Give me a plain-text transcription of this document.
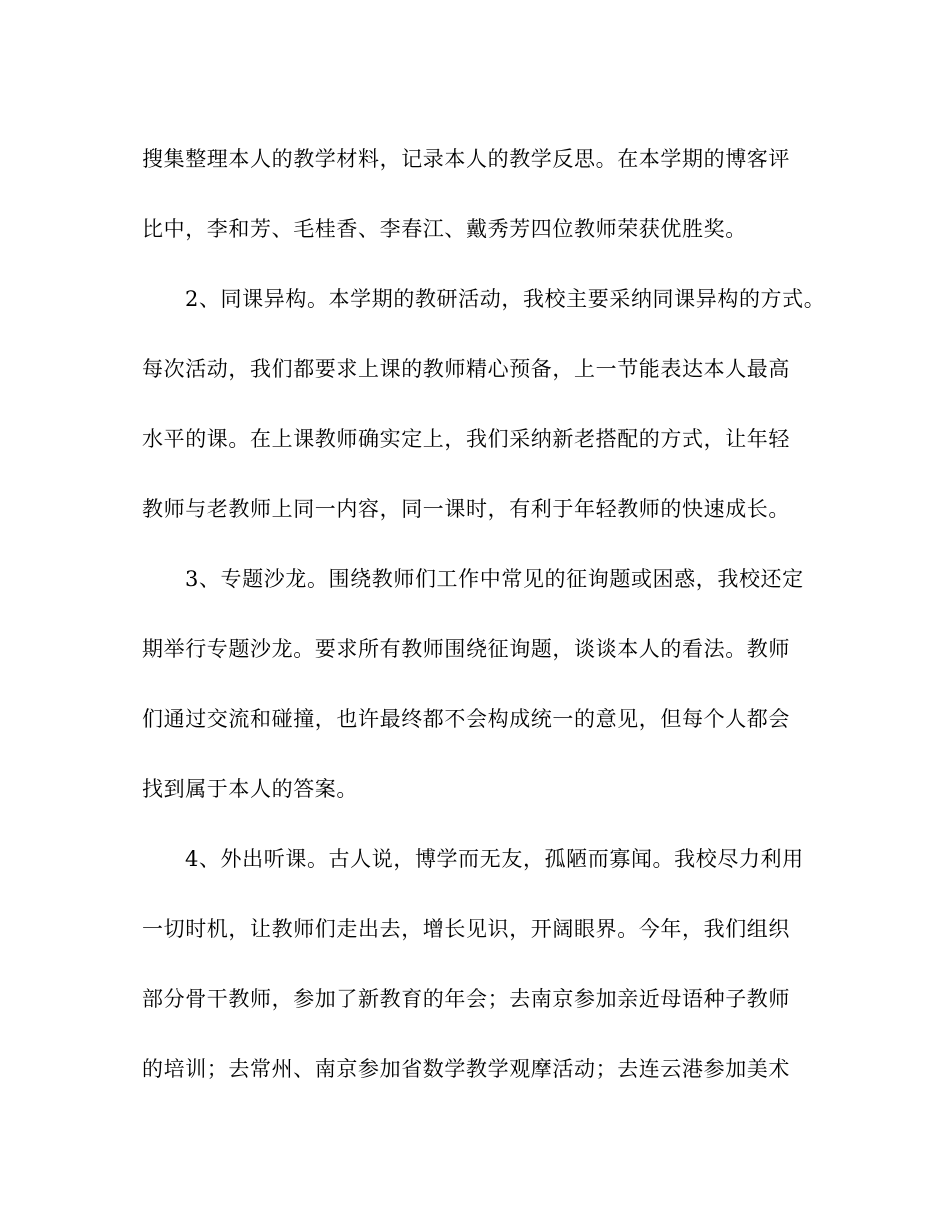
搜集整理本人的教学材料，记录本人的教学反思。在本学期的博客评
比中，李和芳、毛桂香、李春江、戴秀芳四位教师荣获优胜奖。
2、同课异构。本学期的教研活动，我校主要采纳同课异构的方式。
每次活动，我们都要求上课的教师精心预备，上一节能表达本人最高
水平的课。在上课教师确实定上，我们采纳新老搭配的方式，让年轻
教师与老教师上同一内容，同一课时，有利于年轻教师的快速成长。
3、专题沙龙。围绕教师们工作中常见的征询题或困惑，我校还定
期举行专题沙龙。要求所有教师围绕征询题，谈谈本人的看法。教师
们通过交流和碰撞，也许最终都不会构成统一的意见，但每个人都会
找到属于本人的答案。
4、外出听课。古人说，博学而无友，孤陋而寡闻。我校尽力利用
一切时机，让教师们走出去，增长见识，开阔眼界。今年，我们组织
部分骨干教师，参加了新教育的年会；去南京参加亲近母语种子教师
的培训；去常州、南京参加省数学教学观摩活动；去连云港参加美术
